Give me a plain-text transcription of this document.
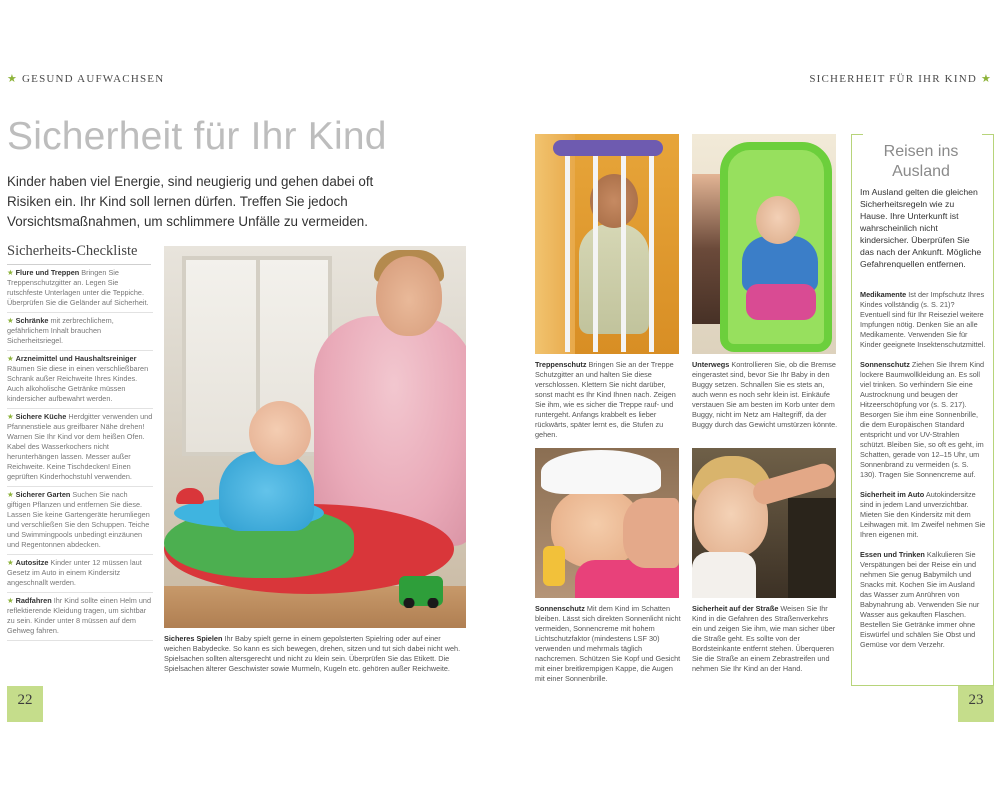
★ GESUND AUFWACHSEN	SICHERHEIT FÜR IHR KIND ★
Sicherheit für Ihr Kind

Kinder haben viel Energie, sind neugierig und gehen dabei oft Risiken ein. Ihr Kind soll lernen dürfen. Treffen Sie jedoch Vorsichtsmaßnahmen, um schlimmere Unfälle zu vermeiden.

Sicherheits-Checkliste
★ Flure und Treppen Bringen Sie Treppenschutzgitter an. Legen Sie rutschfeste Unterlagen unter die Teppiche. Überprüfen Sie die Geländer auf Sicherheit.
★ Schränke mit zerbrechlichem, gefährlichem Inhalt brauchen Sicherheitsriegel.
★ Arzneimittel und Haushaltsreiniger Räumen Sie diese in einen verschließbaren Schrank außer Reichweite Ihres Kindes. Auch alkoholische Getränke müssen kindersicher aufbewahrt werden.
★ Sichere Küche Herdgitter verwenden und Pfannenstiele aus greifbarer Nähe drehen! Warnen Sie Ihr Kind vor dem heißen Ofen. Kabel des Wasserkochers nicht herunterhängen lassen. Messer außer Reichweite. Keine Tischdecken! Einen geprüften Kinderhochstuhl verwenden.
★ Sicherer Garten Suchen Sie nach giftigen Pflanzen und entfernen Sie diese. Lassen Sie keine Gartengeräte herumliegen und verschließen Sie den Schuppen. Teiche und Swimmingpools unbedingt einzäunen und Regentonnen abdecken.
★ Autositze Kinder unter 12 müssen laut Gesetz im Auto in einem Kindersitz angeschnallt werden.
★ Radfahren Ihr Kind sollte einen Helm und reflektierende Kleidung tragen, um sichtbar zu sein. Kinder unter 8 müssen auf dem Gehweg fahren.

Sicheres Spielen Ihr Baby spielt gerne in einem gepolsterten Spielring oder auf einer weichen Babydecke. So kann es sich bewegen, drehen, sitzen und tut sich dabei nicht weh. Spielsachen sollten altersgerecht und nicht zu klein sein. Überprüfen Sie das Etikett. Die Spielsachen älterer Geschwister sowie Murmeln, Kugeln etc. gehören außer Reichweite.

Treppenschutz Bringen Sie an der Treppe Schutzgitter an und halten Sie diese verschlossen. Klettern Sie nicht darüber, sonst macht es Ihr Kind Ihnen nach. Zeigen Sie ihm, wie es sicher die Treppe rauf- und runtergeht. Anfangs krabbelt es lieber rückwärts, später lernt es, die Stufen zu gehen.

Unterwegs Kontrollieren Sie, ob die Bremse eingerastet sind, bevor Sie Ihr Baby in den Buggy setzen. Schnallen Sie es stets an, auch wenn es noch sehr klein ist. Einkäufe verstauen Sie am besten im Korb unter dem Buggy, nicht im Netz am Haltegriff, da der Buggy durch das Gewicht umstürzen könnte.

Sonnenschutz Mit dem Kind im Schatten bleiben. Lässt sich direkten Sonnenlicht nicht vermeiden, Sonnencreme mit hohem Lichtschutzfaktor (mindestens LSF 30) verwenden und mehrmals täglich nachcremen. Schützen Sie Kopf und Gesicht mit einer breitkrempigen Kappe, die Augen mit einer Sonnenbrille.

Sicherheit auf der Straße Weisen Sie Ihr Kind in die Gefahren des Straßenverkehrs ein und zeigen Sie ihm, wie man sicher über die Straße geht. Es sollte von der Bordsteinkante entfernt stehen. Überqueren Sie die Straße an einem Zebrastreifen und nehmen Sie Ihr Kind an der Hand.

Reisen ins Ausland

Im Ausland gelten die gleichen Sicherheitsregeln wie zu Hause. Ihre Unterkunft ist wahrscheinlich nicht kindersicher. Überprüfen Sie das nach der Ankunft. Mögliche Gefahrenquellen entfernen.

Medikamente Ist der Impfschutz Ihres Kindes vollständig (s. S. 21)? Eventuell sind für Ihr Reiseziel weitere Impfungen nötig. Denken Sie an alle Medikamente. Verwenden Sie für Kinder geeignete Insektenschutzmittel.

Sonnenschutz Ziehen Sie Ihrem Kind lockere Baumwollkleidung an. Es soll viel trinken. So verhindern Sie eine Austrocknung und beugen der Hitzeerschöpfung vor (s. S. 217). Besorgen Sie ihm eine Sonnenbrille, die dem Europäischen Standard entspricht und vor UV-Strahlen schützt. Bleiben Sie, so oft es geht, im Schatten, gerade von 12–15 Uhr, um Sonnenbrand zu vermeiden (s. S. 130). Tragen Sie Sonnencreme auf.

Sicherheit im Auto Autokindersitze sind in jedem Land unverzichtbar. Mieten Sie den Kindersitz mit dem Leihwagen mit. Im Zweifel nehmen Sie Ihren eigenen mit.

Essen und Trinken Kalkulieren Sie Verspätungen bei der Reise ein und nehmen Sie genug Babymilch und Snacks mit. Kochen Sie im Ausland das Wasser zum Anrühren von Babynahrung ab. Verwenden Sie nur Wasser aus gekauften Flaschen. Bestellen Sie Getränke immer ohne Eiswürfel und schälen Sie Obst und Gemüse vor dem Verzehr.

22	23
